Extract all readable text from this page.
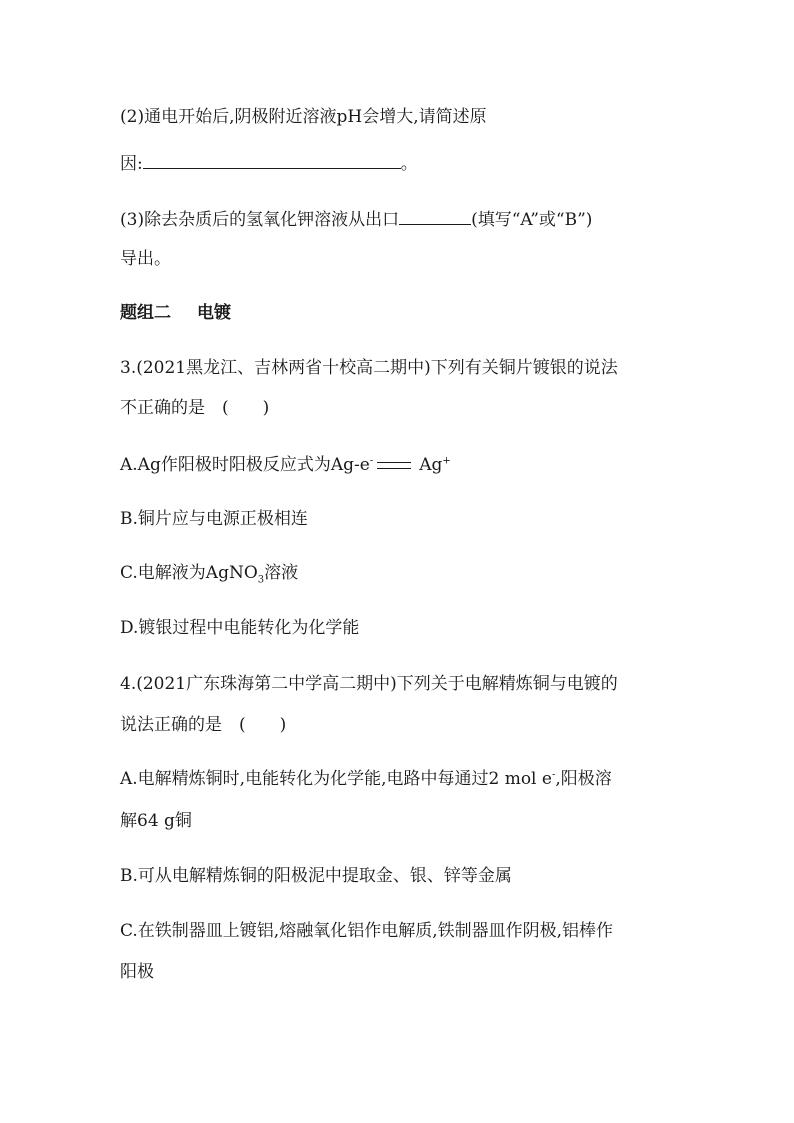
(2)通电开始后,阴极附近溶液pH会增大,请简述原
因:	。
(3)除去杂质后的氢氧化钾溶液从出口	(填写“A”或“B”)
导出。
题组二 电镀
3.(2021黑龙江、吉林两省十校高二期中)下列有关铜片镀银的说法
不正确的是　(　　)
A.Ag作阳极时阳极反应式为Ag-e-	Ag+
B.铜片应与电源正极相连
C.电解液为AgNO$_3$溶液
D.镀银过程中电能转化为化学能
4.(2021广东珠海第二中学高二期中)下列关于电解精炼铜与电镀的
说法正确的是　(　　)
A.电解精炼铜时,电能转化为化学能,电路中每通过2 mol e-,阳极溶
解64 g铜
B.可从电解精炼铜的阳极泥中提取金、银、锌等金属
C.在铁制器皿上镀铝,熔融氧化铝作电解质,铁制器皿作阴极,铝棒作
阳极
